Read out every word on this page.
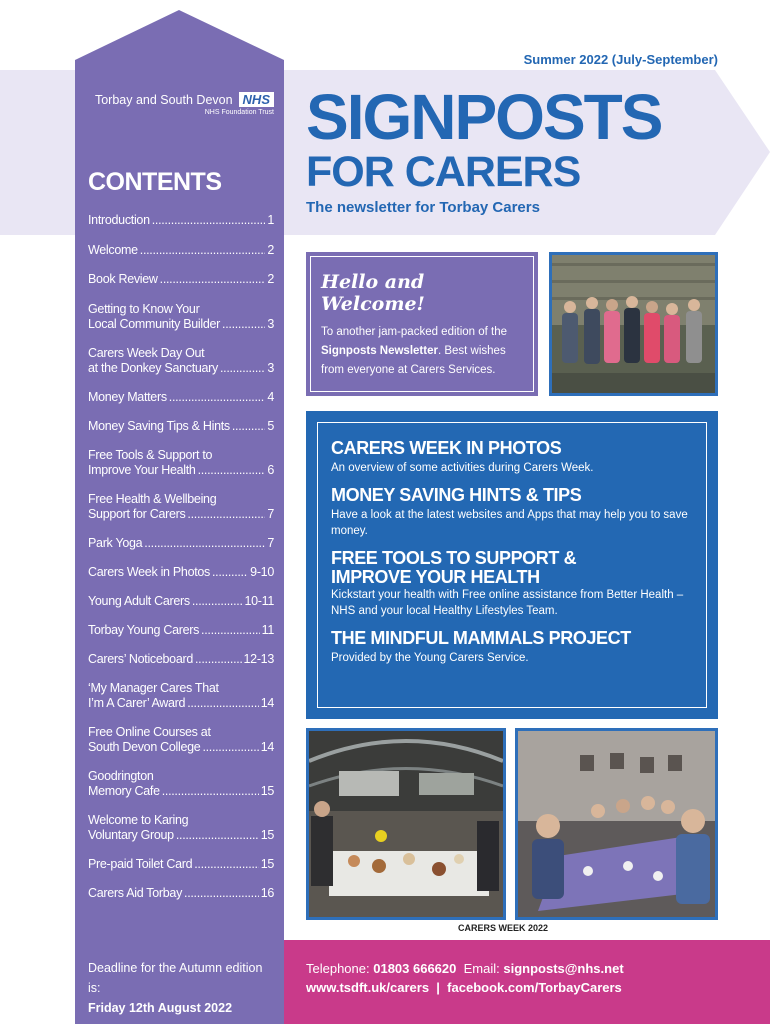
Torbay and South Devon NHS
NHS Foundation Trust
CONTENTS
Introduction .....	1
Welcome .....	2
Book Review .....	2
Getting to Know Your
Local Community Builder .....	3
Carers Week Day Out
at the Donkey Sanctuary .....	3
Money Matters .....	4
Money Saving Tips & Hints .....	5
Free Tools & Support to
Improve Your Health .....	6
Free Health & Wellbeing
Support for Carers .....	7
Park Yoga .....	7
Carers Week in Photos .....	9-10
Young Adult Carers .....	10-11
Torbay Young Carers .....	11
Carers’ Noticeboard .....	12-13
‘My Manager Cares That
I’m A Carer’ Award .....	14
Free Online Courses at
South Devon College .....	14
Goodrington
Memory Cafe .....	15
Welcome to Karing
Voluntary Group .....	15
Pre-paid Toilet Card .....	15
Carers Aid Torbay .....	16
Deadline for the Autumn edition is:
Friday 12th August 2022
Summer 2022 (July-September)
SIGNPOSTS
FOR CARERS
The newsletter for Torbay Carers
Hello and Welcome!
To another jam-packed edition of the Signposts Newsletter. Best wishes from everyone at Carers Services.
CARERS WEEK IN PHOTOS
An overview of some activities during Carers Week.
MONEY SAVING HINTS & TIPS
Have a look at the latest websites and Apps that may help you to save money.
FREE TOOLS TO SUPPORT & IMPROVE YOUR HEALTH
Kickstart your health with Free online assistance from Better Health – NHS and your local Healthy Lifestyles Team.
THE MINDFUL MAMMALS PROJECT
Provided by the Young Carers Service.
CARERS WEEK 2022
Telephone: 01803 666620 Email: signposts@nhs.net
www.tsdft.uk/carers | facebook.com/TorbayCarers
